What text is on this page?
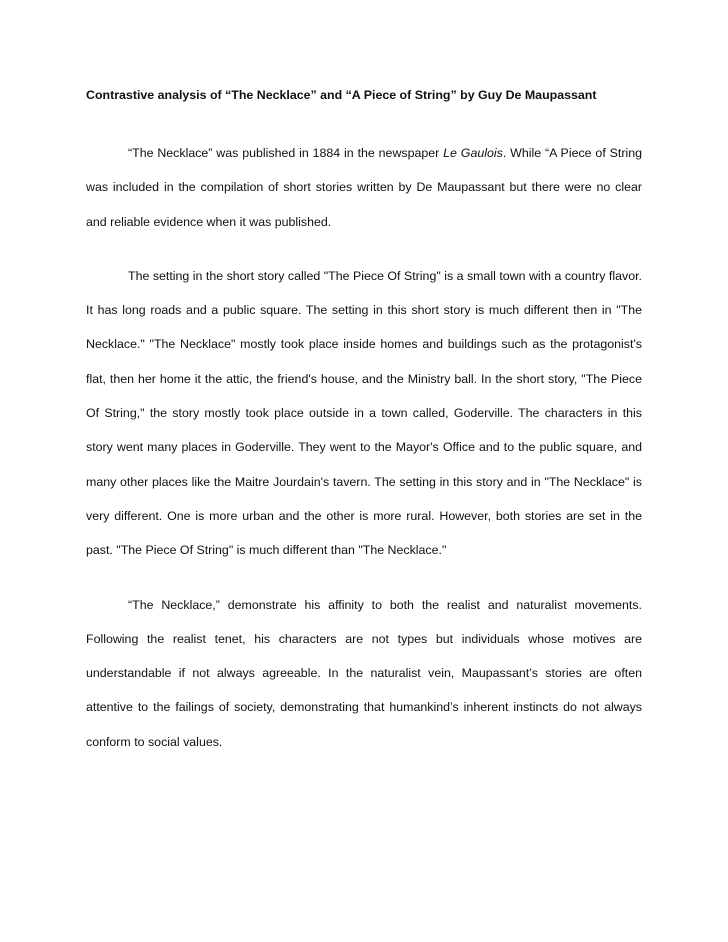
Contrastive analysis of “The Necklace” and “A Piece of String” by Guy De Maupassant

“The Necklace” was published in 1884 in the newspaper Le Gaulois. While “A Piece of String was included in the compilation of short stories written by De Maupassant but there were no clear and reliable evidence when it was published.

The setting in the short story called "The Piece Of String" is a small town with a country flavor. It has long roads and a public square. The setting in this short story is much different then in "The Necklace." "The Necklace" mostly took place inside homes and buildings such as the protagonist's flat, then her home it the attic, the friend's house, and the Ministry ball. In the short story, "The Piece Of String," the story mostly took place outside in a town called, Goderville. The characters in this story went many places in Goderville. They went to the Mayor's Office and to the public square, and many other places like the Maitre Jourdain's tavern. The setting in this story and in "The Necklace" is very different. One is more urban and the other is more rural. However, both stories are set in the past. "The Piece Of String" is much different than "The Necklace."

“The Necklace,” demonstrate his affinity to both the realist and naturalist movements. Following the realist tenet, his characters are not types but individuals whose motives are understandable if not always agreeable. In the naturalist vein, Maupassant’s stories are often attentive to the failings of society, demonstrating that humankind’s inherent instincts do not always conform to social values.
